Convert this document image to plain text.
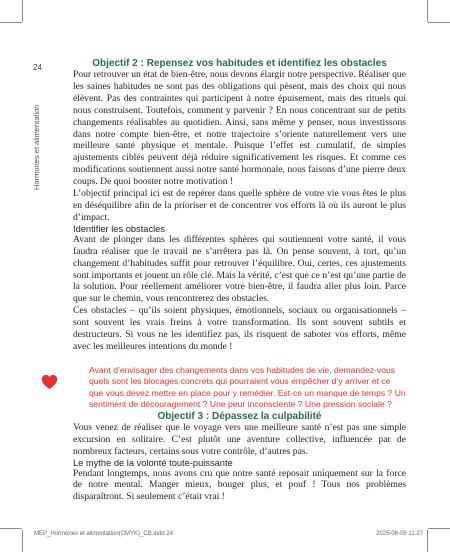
24
Hormones et alimentation
Objectif 2 : Repensez vos habitudes et identifiez les obstacles

Pour retrouver un état de bien-être, nous devons élargir notre perspective. Réaliser que les saines habitudes ne sont pas des obligations qui pèsent, mais des choix qui nous élèvent. Pas des contraintes qui participent à notre épuisement, mais des rituels qui nous construisent. Toutefois, comment y parvenir ? En nous concentrant sur de petits changements réalisables au quotidien. Ainsi, sans même y penser, nous investissons dans notre compte bien-être, et notre trajectoire s’oriente naturellement vers une meilleure santé physique et mentale. Puisque l’effet est cumulatif, de simples ajustements ciblés peuvent déjà réduire significativement les risques. Et comme ces modifications soutiennent aussi notre santé hormonale, nous faisons d’une pierre deux coups. De quoi booster notre motivation !

L’objectif principal ici est de repérer dans quelle sphère de votre vie vous êtes le plus en déséquilibre afin de la prioriser et de concentrer vos efforts là où ils auront le plus d’impact.

Identifier les obstacles

Avant de plonger dans les différentes sphères qui soutiennent votre santé, il vous faudra réaliser que le travail ne s’arrêtera pas là. On pense souvent, à tort, qu’un changement d’habitudes suffit pour retrouver l’équilibre. Oui, certes, ces ajustements sont importants et jouent un rôle clé. Mais la vérité, c’est que ce n’est qu’une partie de la solution. Pour réellement améliorer votre bien-être, il faudra aller plus loin. Parce que sur le chemin, vous rencontrerez des obstacles.

Ces obstacles – qu’ils soient physiques, émotionnels, sociaux ou organisationnels – sont souvent les vrais freins à votre transformation. Ils sont souvent subtils et destructeurs. Si vous ne les identifiez pas, ils risquent de saboter vos efforts, même avec les meilleures intentions du monde !

Avant d’envisager des changements dans vos habitudes de vie, demandez-vous quels sont les blocages concrets qui pourraient vous empêcher d’y arriver et ce que vous devez mettre en place pour y remédier. Est-ce un manque de temps ? Un sentiment de découragement ? Une peur inconsciente ? Une pression sociale ?
Objectif 3 : Dépassez la culpabilité

Vous venez de réaliser que le voyage vers une meilleure santé n’est pas une simple excursion en solitaire. C’est plutôt une aventure collective, influencée par de nombreux facteurs, certains sous votre contrôle, d’autres pas.

Le mythe de la volonté toute-puissante

Pendant longtemps, nous avons cru que notre santé reposait uniquement sur la force de notre mental. Manger mieux, bouger plus, et pouf ! Tous nos problèmes disparaîtront. Si seulement c’était vrai !

MEP_Hormones et alimentation(CMYK)_CB.indd 24	2025-06-05 11:27
